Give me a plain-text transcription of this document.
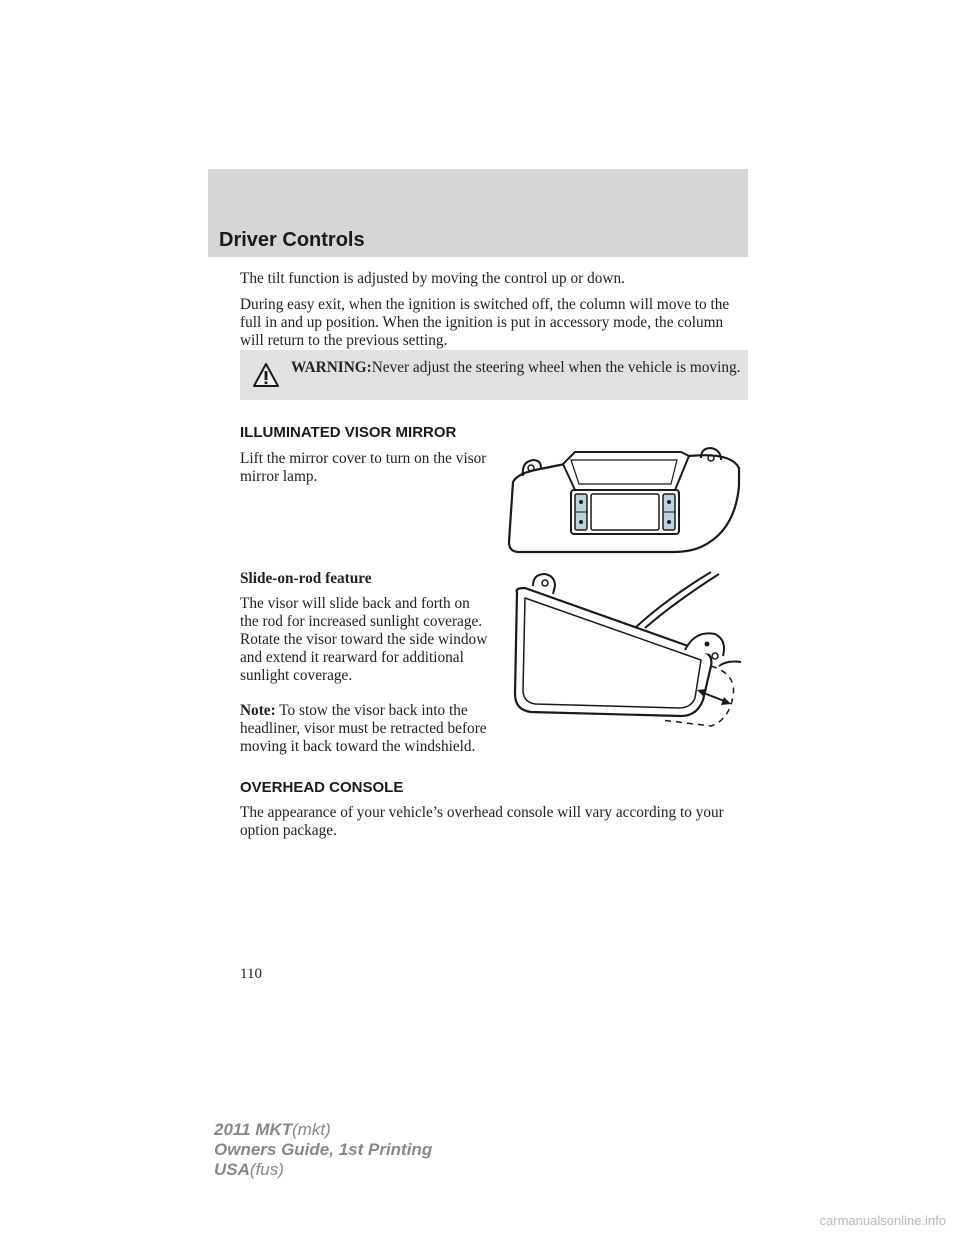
Driver Controls

The tilt function is adjusted by moving the control up or down.

During easy exit, when the ignition is switched off, the column will move to the full in and up position. When the ignition is put in accessory mode, the column will return to the previous setting.

WARNING:Never adjust the steering wheel when the vehicle is moving.

ILLUMINATED VISOR MIRROR

Lift the mirror cover to turn on the visor mirror lamp.

Slide-on-rod feature

The visor will slide back and forth on the rod for increased sunlight coverage. Rotate the visor toward the side window and extend it rearward for additional sunlight coverage.

Note: To stow the visor back into the headliner, visor must be retracted before moving it back toward the windshield.

OVERHEAD CONSOLE

The appearance of your vehicle’s overhead console will vary according to your option package.

110

2011 MKT(mkt)

Owners Guide, 1st Printing

USA(fus)

carmanualsonline.info
